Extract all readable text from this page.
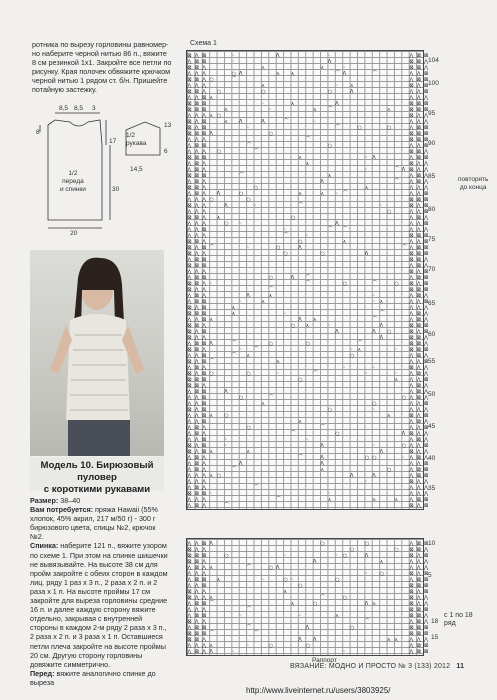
ротника по вырезу горловины равномер-

но наберите черной нитью 86 п., вяжите

8 см резинкой 1х1. Закройте все петли по

рисунку. Края полочек обвяжите крючком

черной нитью 1 рядом ст. б/н. Пришейте

потайную застежку.

8,5 8,5 3
8
17
1/2
переда
и спинки	30
20
1/2
рукава
13
6
14,5
Модель 10. Бирюзовый пуловер
с короткими рукавами

Размер: 38–40

Вам потребуется: пряжа Hawaii (55% хлопок, 45% акрил, 217 м/50 г) - 300 г бирюзового цвета, спицы №2, крючок №2.

Спинка: наберите 121 п., вяжите узором по схеме 1. При этом на спинке шишечки не вывязывайте. На высоте 38 см для пройм закройте с обеих сторон в каждом лиц. ряду 1 раз х 3 п., 2 раза х 2 п. и 2 раза х 1 п. На высоте проймы 17 см закройте для выреза горловины средние 16 п. и далее каждую сторону вяжите отдельно, закрывая с внутренней стороны в каждом 2-м ряду 2 раза х 3 п., 2 раза х 2 п. и 3 раза х 1 п. Оставшиеся петли плеча закройте на высоте проймы 20 см. Другую сторону горловины довяжите симметрично.

Перед: вяжите аналогично спинке до выреза

Схема 1
⊠ ⋀ ⊠	◦	Λ	◦	⋀ ⊠ ⊠
⋀ ⊠ ⊠	◦	Λ	⊠ ⊠ ⋀
⊠ ⊠ ⋀	⋏	⋏	◦	⊠ ⊠ ⋀
⋀ ⋀ ⋀	○ Λ	⋏ ⋏	⌒ Λ	⌒	⋀ ⋀ ⊠
⊠ ⊠ ⋀ ○	⌒	⋀ ⊠ ⊠
⋀ ⋀ ⋀	⋏	◦ ⋏	⊠ ⋀ ⊠
⊠ ⊠ ⋀ ○	○	○	Λ	⋀ ⋀ ⊠
⋀ ⋀ ⊠ ⋏	⋀ ⋀ ⋀
⊠ ⊠ ⊠	◦	⋏	Λ	⊠ ⊠ ⊠
⊠ ⊠ ⊠	⋏	◦	⋏ ⌒	⋏	⊠ ⊠ ⊠
⋀ ⋀ ⋀ ⋏ ○	⊠ ⋀ ⋀
⊠ ⋀ ⊠	⋏ Λ	Λ	⌒	◦	⋀ ⋀ ⋀
⊠ ⋀ ⊠	◦	⌒	○	○	⋀ ⊠ ⊠
⊠ ⊠ ⊠ Λ	○	⊠ ⊠ ⊠
⋀ ⋀ ⋀	⌒	⊠ ⊠ ⊠
⋀ ⊠ ⊠	⌒	○	⋀ ⋀ ⊠
⋀ ⋀ ⋀ ○	⌒	⊠ ⊠ ⋀
⊠ ⊠ ⊠	⋏	◦ Λ	⋀ ⊠ ⊠
⋀ ⊠ ⋀	⋏	⊠ ⋀ ⋀
⋀ ⊠ ⋀	◦	⌒ Λ ⊠ ⋀ ⋀
⊠ ⊠ ⊠	⌒	⋏	⋀ ⊠ ⋀
⋀ ⊠ ⋀	Λ	⌒ ⋀ ⊠ ⋀
⊠ ⊠ ⋀	○	⋏	⋀ ⋀ ⋀
⋀ ⊠ ⋀ Λ	○	⋏	⋏ ◦ ⌒	⋀ ⋀ ⊠
⋀ ⋀ ⋀ ○	○	⊠ ⊠ ⊠
⊠ ⋀ ⋀	Λ	◦	⌒	◦	⊠ ⋀ ⊠
⋀ ⋀ ⋀	○	⋀ ⋀ ⊠
⊠ ⊠ ⋀ ⋏	○	⋀ ⊠ ⋀
⋀ ⋀ ⋀	○ ◦	Λ	⋀ ⋀ ⊠
⋀ ⋀ ⊠	◦	⌒ ⌒	⋀ ⋀ ⋀
⋀ ⋀ ⋀	⌒	◦	⊠ ⊠ ⊠
⊠ ⊠ ⋀	○	⋏	⋀ ⋀ ⊠
⊠ ⋀ ⊠ ⌒	◦	○	Λ	⌒ ⋀ ⊠ ⊠
⊠ ⋀ ⋀	○	○	Λ	⊠ ⊠ ⊠
⋀ ⊠ ⊠	⊠ ⊠ ⋀
⊠ ⊠ ⊠	⋀ ⊠ ⋀
⋀ ⋀ ⋀	⊠ ⋀ ⊠
⋀ ⊠ ⊠	○	Λ ⌒	⋀ ⊠ ⊠
⊠ ⊠ ⋀ ◦	⌒	○	⌒	○ ⊠ ⋀ ⊠
⊠ ⋀ ⋀	⌒	⊠ ⊠ ⊠
⋀ ⊠ ⋀	Λ	⋏	◦	⋀ ⊠ ⋀
⋀ ⊠ ⊠	◦	⋏	◦ ⋏	⋀ ⋀ ⊠
⊠ ⋀ ⊠	⋏	⋀ ⋀ ⋀
⊠ ⊠ ⊠	⋏	◦	⌒	⋀ ⊠ ⋀
⋀ ⋀ ⊠ ⋏	Λ ⋏	⌒	⋀ ⊠ ⋀
⊠ ⊠ ⋀	○ ⋏	◦	Λ	⊠ ⊠ ⊠
⊠ ⋀ ⊠	Λ	Λ ○	⊠ ⋀ ⊠
⊠ ⋀ ⋀	Λ	⊠ ⊠ ⋀
⋀ ⊠ ⊠ Λ	⌒	○	○	⌒	⊠ ⊠ ⋀
⊠ ⊠ ⋀	◦ ⌒	◦ ⋏	◦ ⊠ ⊠ ⊠
⋀ ⋀ ⊠	⌒ ⋏	○	⋀ ⊠ ⋀
⊠ ⋀ ⊠ ⌒	⋏	⋀ ⋀ ⊠
⋀ ⊠ ⋀	◦	◦	⊠ ⋀ ⋀
⊠ ⋀ ⊠ ○	○	◦	⌒	◦	◦ ⋀ ⊠ ⋀
⊠ ⊠ ⊠	○	⋏ ⋀ ⋀ ⊠
⊠ ⊠ ⋀	⋀ ⊠ ⋀
⋀ ⊠ ⊠	Λ	⋀ ⊠ ⋀
⋀ ⋀ ⊠	○	⌒	○ ⋀ ⊠ ⋀
⋀ ⋀ ⊠	⋏	○	⋀ ⋀ ⊠
⊠ ⋀ ⊠	○	◦	⋀ ⋀ ⋀
⋀ ⋀ ⊠ ⋏ ○	⋏	⊠ ⋀ ⊠
⋀ ⋀ ⊠	⋏	⋀ ⊠ ⋀
⋀ ⊠ ⋀	○	⌒	⋀ ⋀ ⊠
⋀ ⊠ ⋀	⌒	○	Λ ⊠ ⋀ ⋀
⋀ ⋀ ⊠	◦	◦	⋀ ⊠ ⋀
⊠ ⋀ ⊠	◦	Λ	◦	○ ⋀ ⋀ ⊠
⊠ ⋀ ⊠ ⋏	⋏	Λ	⊠ ⋀ ⋀
⋀ ⊠ ⋀	⌒	Λ	○ ○	◦ ⋀ ⊠ ⋀
⋀ ⊠ ⋀	Λ	Λ	⋀ ⋀ ⊠
⋀ ⊠ ⋀	⌒	⋏	○	⋀ ⊠ ⊠
⋀ ⋀ ⋀ ⋏ ○	Λ	Λ	⋀ ⊠ ⊠
⋀ ⋀ ⋀	◦	⊠ ⋀ ⋀
⋀ ⊠ ⋀	⌒	⋀ ⋀ ⋀
⊠ ⊠ ⊠ ◦	◦	⋀ ⋀ ⋀
⋀ ⋀ ⋀	⌒	⋏	⋏	⋏ ⋀ ⊠ ⊠
⋀ ⊠ ⋀	⌒	⊠ ⋀ ⊠
⋀ ⋀ ⊠ Λ	○	○	⋀ ⊠ ⊠
⊠ ⋀ ⋀	○	○ ⊠ ⊠ ⋀
⊠ ⊠ ⊠	○	◦	◦ ○	Λ	⊠ ⋀ ⊠
⊠ ⊠ ⋀	Λ	⋏	⋀ ⋀ ⋀
⋀ ⊠ ⋀ ⋏	⌒	○ Λ	⋀ ⋀ ⋀
⋀ ⋀ ⋀	◦ ○	⊠ ⋀ ⊠
⋀ ⊠ ⊠ ⋏	◦	○ ◦	○	⋀ ⊠ ⊠
⋀ ⋀ ⊠	○	⊠ ⊠ ⊠
⊠ ⋀ ⋀	⋏	⊠ ⋀ ⊠
⊠ ⋀ ⋀ ⋏	⌒	○	⊠ ⋀ ⋀
⋀ ⊠ ⊠ ⌒	⋏	○	Λ ⋏	⊠ ⋀ ⋀
⋀ ⋀ ⋀	⌒	⊠ ⊠ ⊠
⋀ ⊠ ⊠	◦	◦	⋏	⊠ ⊠ ⋀
⊠ ⋀ ⋀	⌒	⋀ ⊠ ⋀
⋀ ⊠ ⊠	⌒	Λ	○	⊠ ⊠ ⊠
⊠ ⊠ ⊠ ⌒	⌒	⊠ ⊠ ⊠
⊠ ⊠ ⋀	Λ Λ	⋏ ⋏ ⋀ ⋀ ⋀
⋀ ⋀ ⋀ ⋏	◦	○	○	⋀ ⊠ ⊠
⋀ ⊠ ⋀ Λ	◦	◦	⋀ ⊠ ⊠
104
100
95
90
85
80
75
70
65
60
55
50
45
40
35
10
5
повторять
до конца
с 1 по 18
ряд
18
15
Раппорт
ВЯЗАНИЕ: МОДНО И ПРОСТО № 3 (133) 2012 11
http://www.liveinternet.ru/users/3803925/
